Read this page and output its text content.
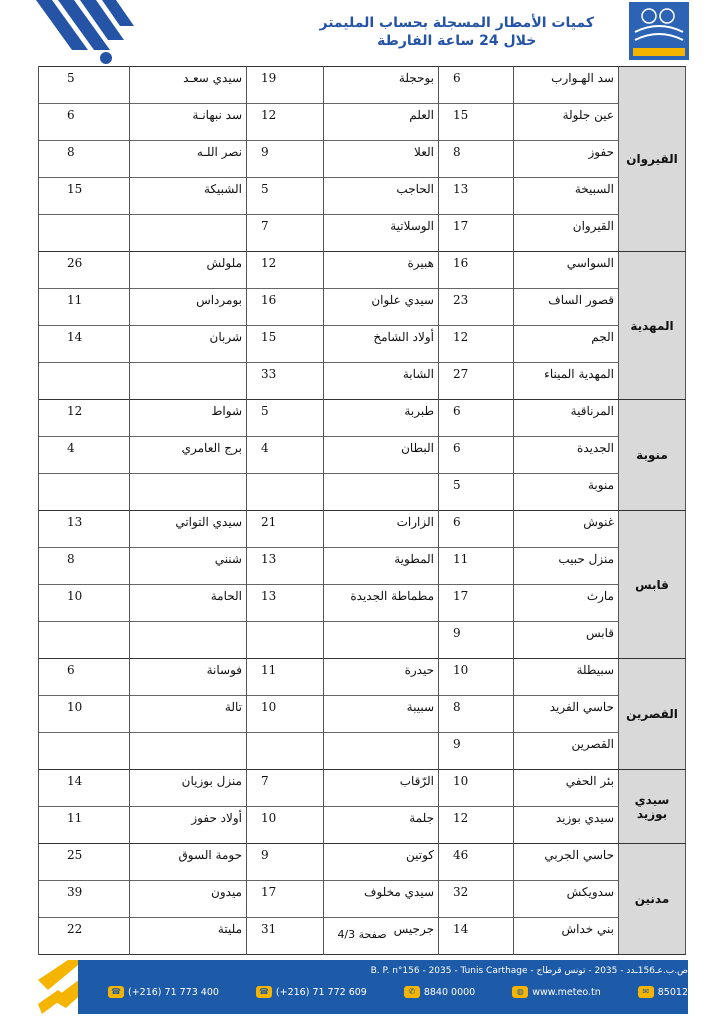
كميات الأمطار المسجلة بحساب المليمتر
خلال 24 ساعة الفارطة
القيروان	سد الهـوارب	6	بوحجلة	19	سيدي سعـد	5
	عين جلولة	15	العلم	12	سد نبهانـة	6
	حفوز	8	العلا	9	نصر اللـه	8
	السبيخة	13	الحاجب	5	الشبيكة	15
	القيروان	17	الوسلاتية	7		
المهدية	السواسي	16	هبيرة	12	ملولش	26
	قصور الساف	23	سيدي علوان	16	بومرداس	11
	الجم	12	أولاد الشامخ	15	شربان	14
	المهدية الميناء	27	الشابة	33		
منوبة	المرناقية	6	طبربة	5	شواط	12
	الجديدة	6	البطان	4	برج العامري	4
	منوبة	5				
قابس	غنوش	6	الزارات	21	سيدي التواتي	13
	منزل حبيب	11	المطوية	13	شنني	8
	مارث	17	مطماطة الجديدة	13	الحامة	10
	قابس	9				
القصرين	سبيطلة	10	حيدرة	11	فوسانة	6
	حاسي الفريد	8	سبيبة	10	تالة	10
	القصرين	9				
سيدي بوزيد	بئر الحفي	10	الرّقاب	7	منزل بوزيان	14
	سيدي بوزيد	12	جلمة	10	أولاد حفوز	11
مدنين	حاسي الجربي	46	كوتين	9	حومة السوق	25
	سدويكش	32	سيدي مخلوف	17	ميدون	39
	بني خداش	14	جرجيس	31	مليتة	22	صفحة 4/3
ص.ب.عـ156ـدد - 2035 - تونس قرطاج - B. P. n°156 - 2035 - Tunis Carthage
☎ (+216) 71 773 400	☎ (+216) 71 772 609	✆ 8840 0000	◍ www.meteo.tn	✉ 85012
